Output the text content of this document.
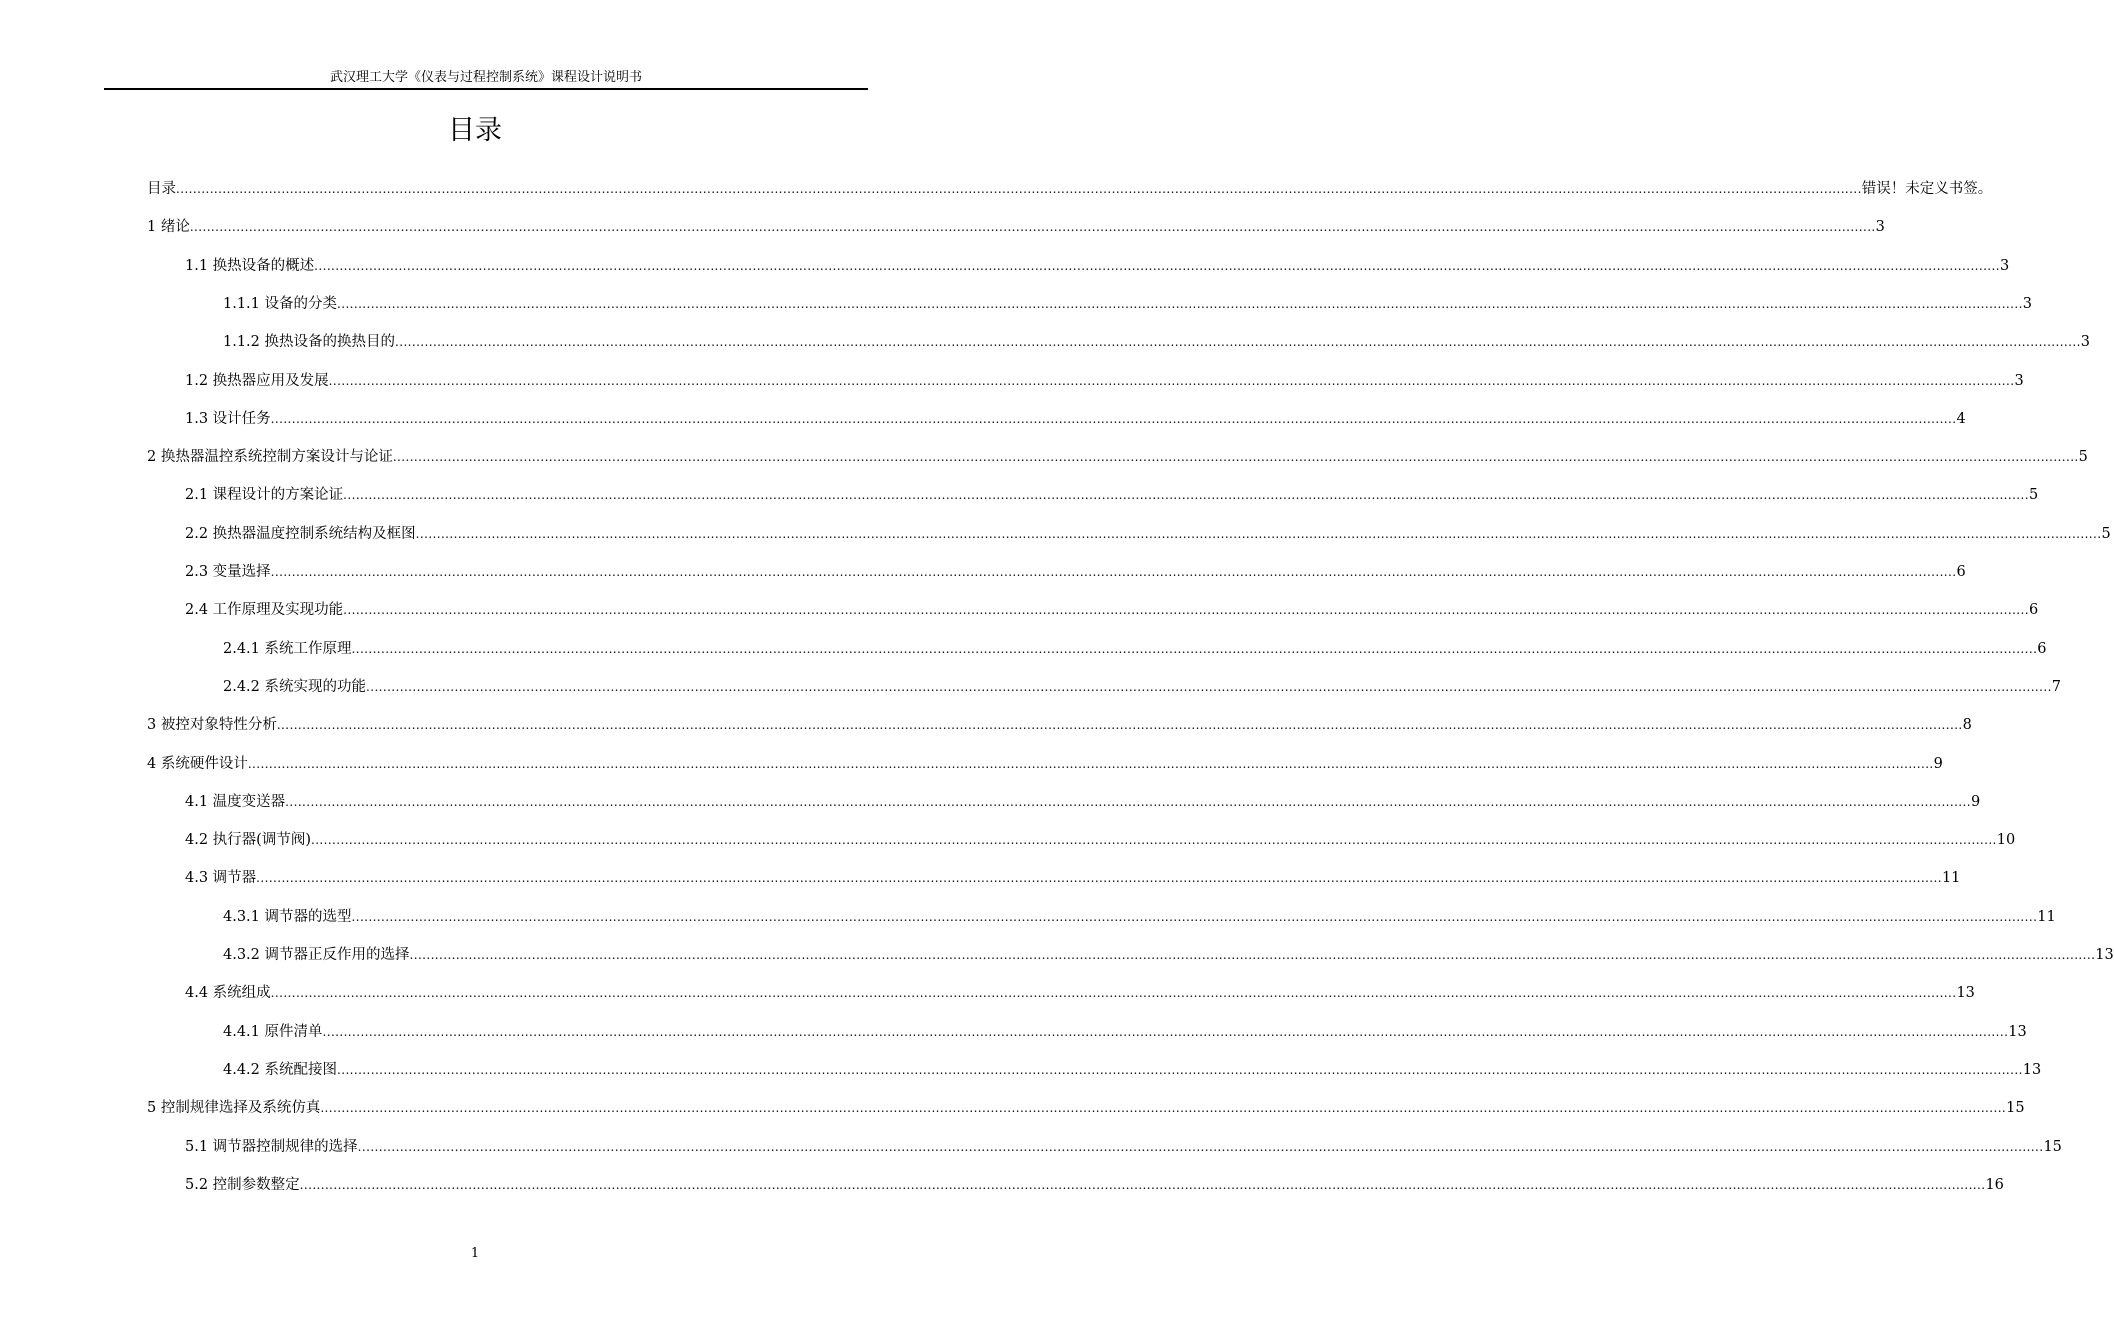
武汉理工大学《仪表与过程控制系统》课程设计说明书
目录
目录 ................................................................................................................................................................................................................................................................................................................................................................................................................ 错误！未定义书签。
1 绪论 ................................................................................................................................................................................................................................................................................................................................................................................................................ 3
1.1 换热设备的概述 ................................................................................................................................................................................................................................................................................................................................................................................................................ 3
1.1.1 设备的分类 ................................................................................................................................................................................................................................................................................................................................................................................................................ 3
1.1.2 换热设备的换热目的 ................................................................................................................................................................................................................................................................................................................................................................................................................ 3
1.2 换热器应用及发展 ................................................................................................................................................................................................................................................................................................................................................................................................................ 3
1.3 设计任务 ................................................................................................................................................................................................................................................................................................................................................................................................................ 4
2 换热器温控系统控制方案设计与论证 ................................................................................................................................................................................................................................................................................................................................................................................................................ 5
2.1 课程设计的方案论证 ................................................................................................................................................................................................................................................................................................................................................................................................................ 5
2.2 换热器温度控制系统结构及框图 ................................................................................................................................................................................................................................................................................................................................................................................................................ 5
2.3 变量选择 ................................................................................................................................................................................................................................................................................................................................................................................................................ 6
2.4 工作原理及实现功能 ................................................................................................................................................................................................................................................................................................................................................................................................................ 6
2.4.1 系统工作原理 ................................................................................................................................................................................................................................................................................................................................................................................................................ 6
2.4.2 系统实现的功能 ................................................................................................................................................................................................................................................................................................................................................................................................................ 7
3 被控对象特性分析 ................................................................................................................................................................................................................................................................................................................................................................................................................ 8
4 系统硬件设计 ................................................................................................................................................................................................................................................................................................................................................................................................................ 9
4.1 温度变送器 ................................................................................................................................................................................................................................................................................................................................................................................................................ 9
4.2 执行器(调节阀) ................................................................................................................................................................................................................................................................................................................................................................................................................ 10
4.3 调节器 ................................................................................................................................................................................................................................................................................................................................................................................................................ 11
4.3.1 调节器的选型 ................................................................................................................................................................................................................................................................................................................................................................................................................ 11
4.3.2 调节器正反作用的选择 ................................................................................................................................................................................................................................................................................................................................................................................................................ 13
4.4 系统组成 ................................................................................................................................................................................................................................................................................................................................................................................................................ 13
4.4.1 原件清单 ................................................................................................................................................................................................................................................................................................................................................................................................................ 13
4.4.2 系统配接图 ................................................................................................................................................................................................................................................................................................................................................................................................................ 13
5 控制规律选择及系统仿真 ................................................................................................................................................................................................................................................................................................................................................................................................................ 15
5.1 调节器控制规律的选择 ................................................................................................................................................................................................................................................................................................................................................................................................................ 15
5.2 控制参数整定 ................................................................................................................................................................................................................................................................................................................................................................................................................ 16
1
